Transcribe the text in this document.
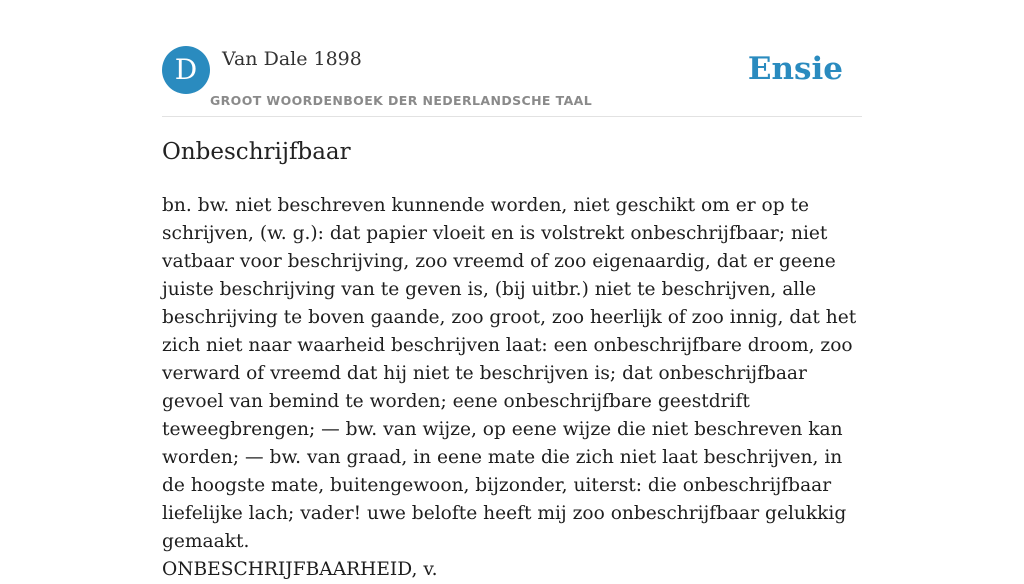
D	Van Dale 1898
GROOT WOORDENBOEK DER NEDERLANDSCHE TAAL
Ensie
Onbeschrijfbaar

bn. bw. niet beschreven kunnende worden, niet geschikt om er op te schrijven, (w. g.): dat papier vloeit en is volstrekt onbeschrijfbaar; niet vatbaar voor beschrijving, zoo vreemd of zoo eigenaardig, dat er geene juiste beschrijving van te geven is, (bij uitbr.) niet te beschrijven, alle beschrijving te boven gaande, zoo groot, zoo heerlijk of zoo innig, dat het zich niet naar waarheid beschrijven laat: een onbeschrijfbare droom, zoo verward of vreemd dat hij niet te beschrijven is; dat onbeschrijfbaar gevoel van bemind te worden; eene onbeschrijfbare geestdrift teweegbrengen; — bw. van wijze, op eene wijze die niet beschreven kan worden; — bw. van graad, in eene mate die zich niet laat beschrijven, in de hoogste mate, buitengewoon, bijzonder, uiterst: die onbeschrijfbaar liefelijke lach; vader! uwe belofte heeft mij zoo onbeschrijfbaar gelukkig gemaakt.
ONBESCHRIJFBAARHEID, v.
